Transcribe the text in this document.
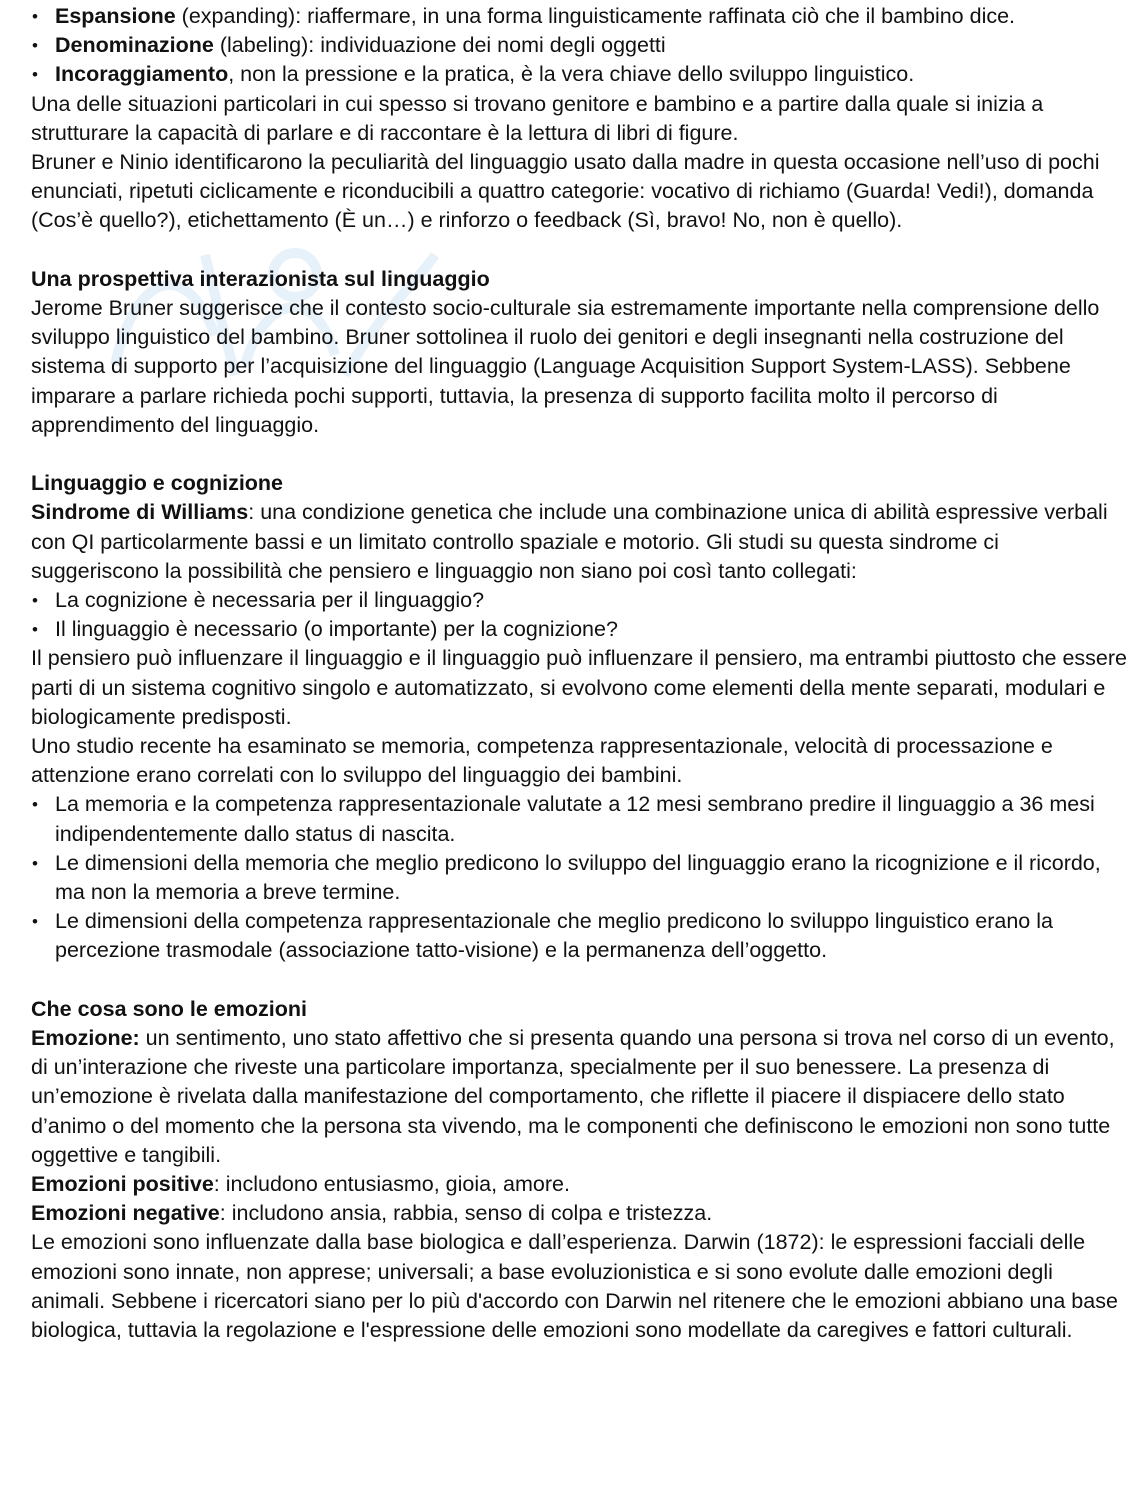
• Espansione (expanding): riaffermare, in una forma linguisticamente raffinata ciò che il bambino dice.
• Denominazione (labeling): individuazione dei nomi degli oggetti
• Incoraggiamento, non la pressione e la pratica, è la vera chiave dello sviluppo linguistico.

Una delle situazioni particolari in cui spesso si trovano genitore e bambino e a partire dalla quale si inizia a strutturare la capacità di parlare e di raccontare è la lettura di libri di figure.

Bruner e Ninio identificarono la peculiarità del linguaggio usato dalla madre in questa occasione nell’uso di pochi enunciati, ripetuti ciclicamente e riconducibili a quattro categorie: vocativo di richiamo (Guarda! Vedi!), domanda (Cos’è quello?), etichettamento (È un…) e rinforzo o feedback (Sì, bravo! No, non è quello).

Una prospettiva interazionista sul linguaggio

Jerome Bruner suggerisce che il contesto socio-culturale sia estremamente importante nella comprensione dello sviluppo linguistico del bambino. Bruner sottolinea il ruolo dei genitori e degli insegnanti nella costruzione del sistema di supporto per l’acquisizione del linguaggio (Language Acquisition Support System-LASS). Sebbene imparare a parlare richieda pochi supporti, tuttavia, la presenza di supporto facilita molto il percorso di apprendimento del linguaggio.

Linguaggio e cognizione

Sindrome di Williams: una condizione genetica che include una combinazione unica di abilità espressive verbali con QI particolarmente bassi e un limitato controllo spaziale e motorio. Gli studi su questa sindrome ci suggeriscono la possibilità che pensiero e linguaggio non siano poi così tanto collegati:

• La cognizione è necessaria per il linguaggio?
• Il linguaggio è necessario (o importante) per la cognizione?

Il pensiero può influenzare il linguaggio e il linguaggio può influenzare il pensiero, ma entrambi piuttosto che essere parti di un sistema cognitivo singolo e automatizzato, si evolvono come elementi della mente separati, modulari e biologicamente predisposti.

Uno studio recente ha esaminato se memoria, competenza rappresentazionale, velocità di processazione e attenzione erano correlati con lo sviluppo del linguaggio dei bambini.

• La memoria e la competenza rappresentazionale valutate a 12 mesi sembrano predire il linguaggio a 36 mesi indipendentemente dallo status di nascita.
• Le dimensioni della memoria che meglio predicono lo sviluppo del linguaggio erano la ricognizione e il ricordo, ma non la memoria a breve termine.
• Le dimensioni della competenza rappresentazionale che meglio predicono lo sviluppo linguistico erano la percezione trasmodale (associazione tatto-visione) e la permanenza dell’oggetto.

Che cosa sono le emozioni

Emozione: un sentimento, uno stato affettivo che si presenta quando una persona si trova nel corso di un evento, di un’interazione che riveste una particolare importanza, specialmente per il suo benessere. La presenza di un’emozione è rivelata dalla manifestazione del comportamento, che riflette il piacere il dispiacere dello stato d’animo o del momento che la persona sta vivendo, ma le componenti che definiscono le emozioni non sono tutte oggettive e tangibili.

Emozioni positive: includono entusiasmo, gioia, amore.

Emozioni negative: includono ansia, rabbia, senso di colpa e tristezza.

Le emozioni sono influenzate dalla base biologica e dall’esperienza. Darwin (1872): le espressioni facciali delle emozioni sono innate, non apprese; universali; a base evoluzionistica e si sono evolute dalle emozioni degli animali. Sebbene i ricercatori siano per lo più d'accordo con Darwin nel ritenere che le emozioni abbiano una base biologica, tuttavia la regolazione e l'espressione delle emozioni sono modellate da caregives e fattori culturali.
